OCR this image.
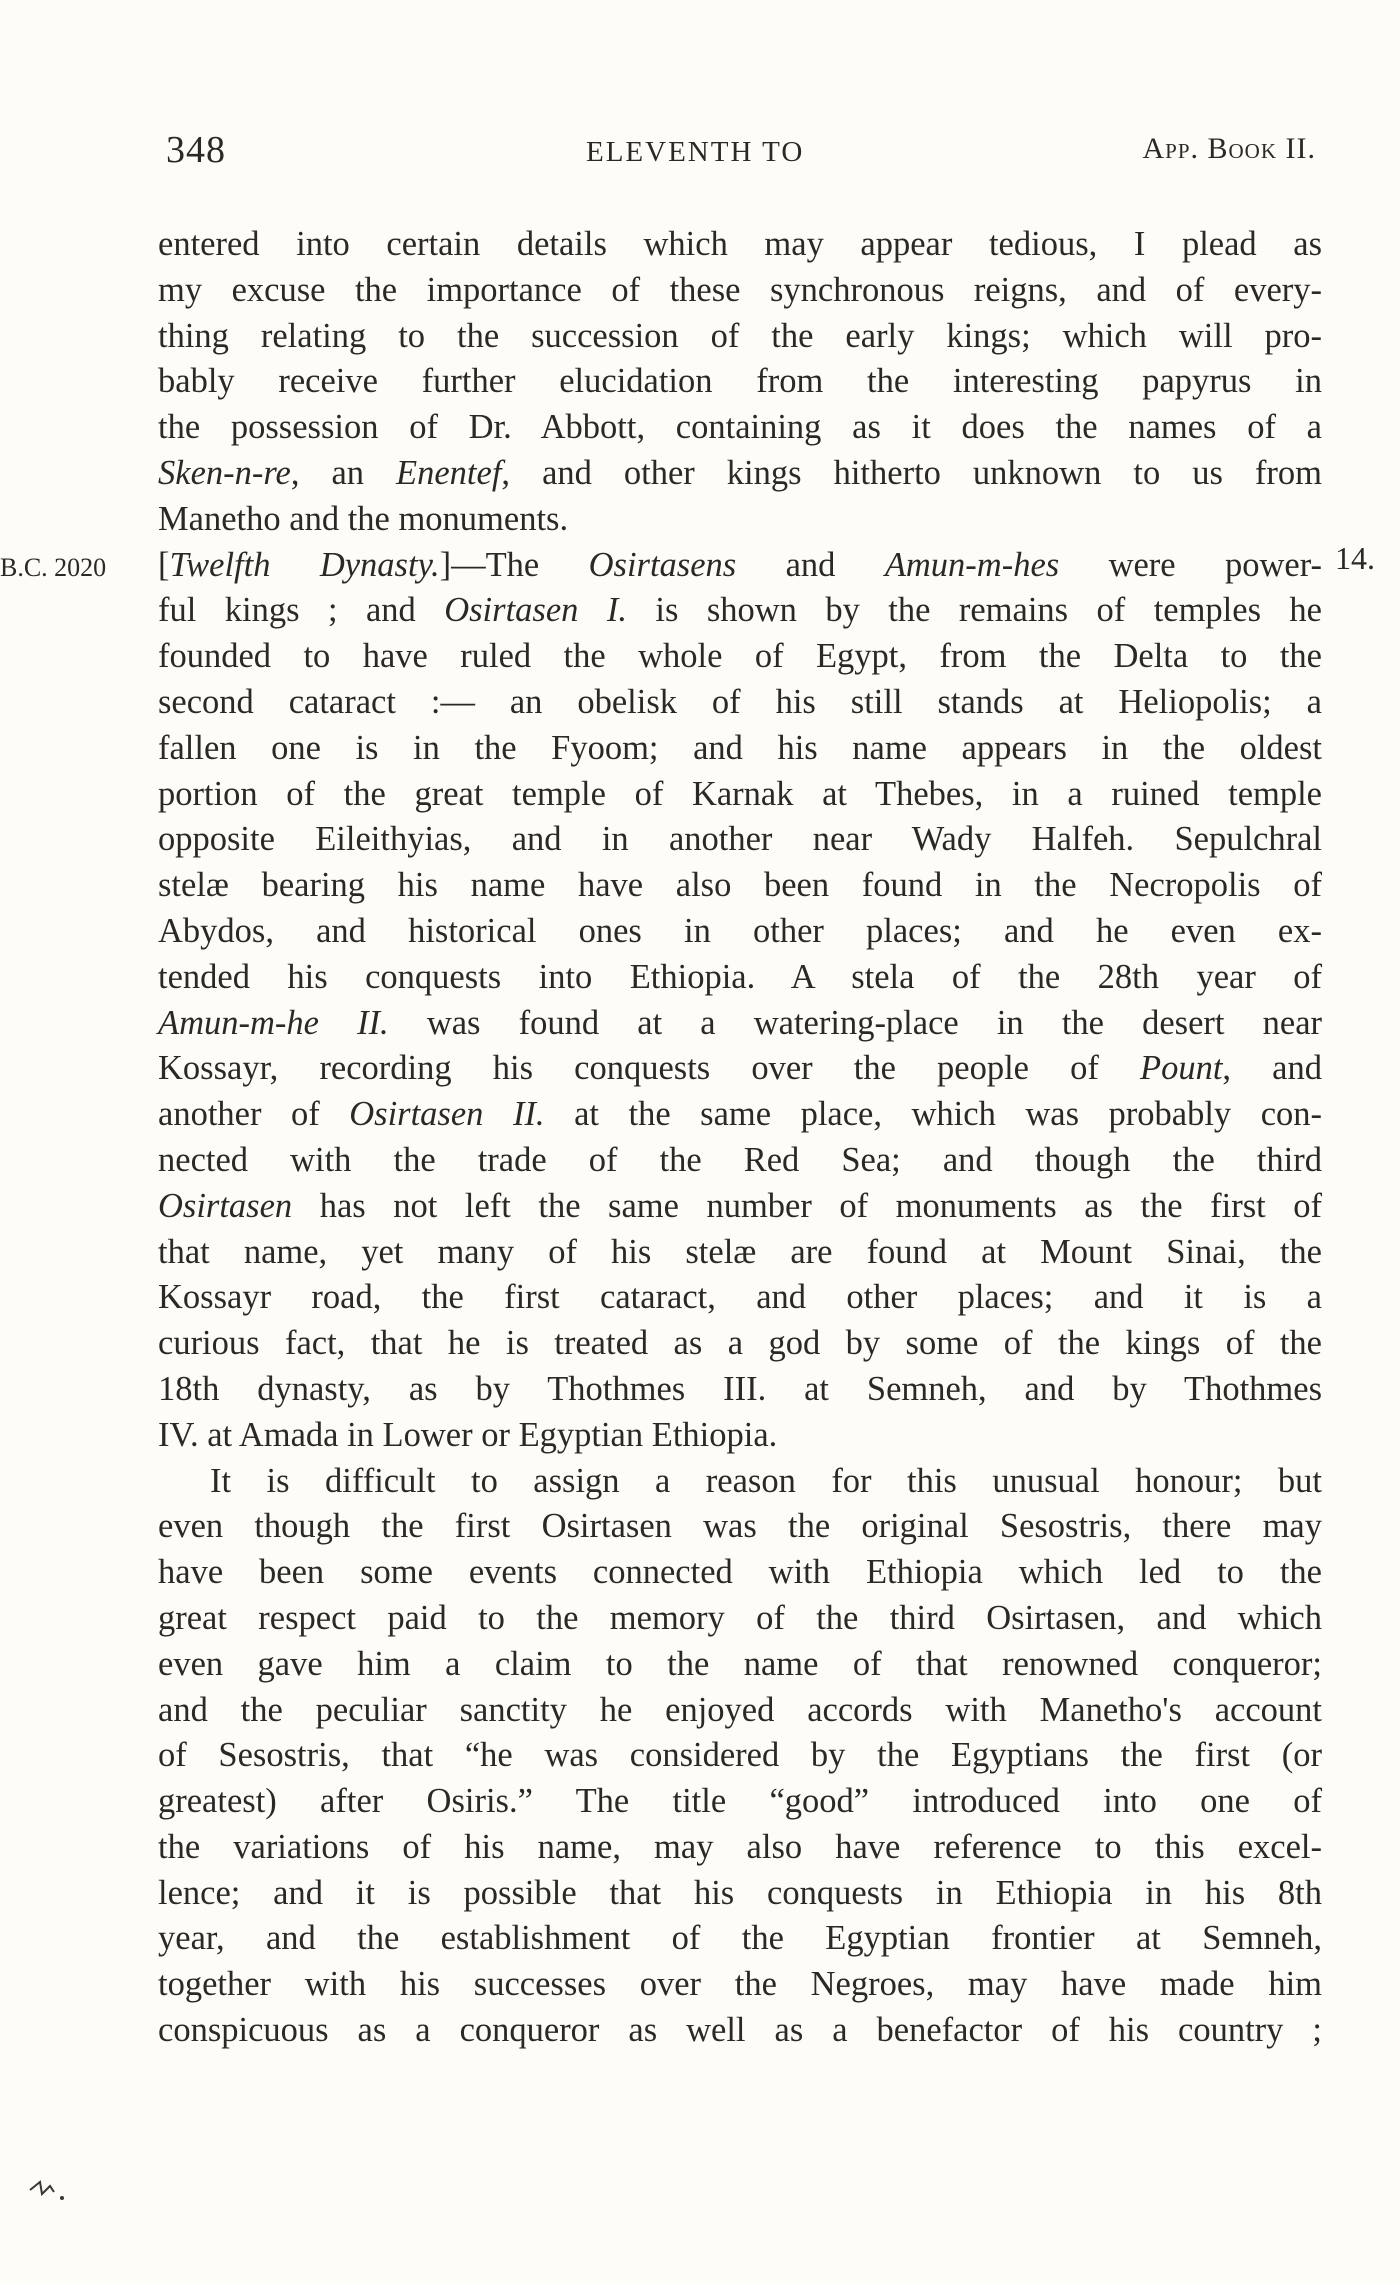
348	ELEVENTH TO	App. Book II.
B.C. 2020	14.
entered into certain details which may appear tedious, I plead as
my excuse the importance of these synchronous reigns, and of every-
thing relating to the succession of the early kings; which will pro-
bably receive further elucidation from the interesting papyrus in
the possession of Dr. Abbott, containing as it does the names of a
Sken-n-re, an Enentef, and other kings hitherto unknown to us from
Manetho and the monuments.
[Twelfth Dynasty.]—The Osirtasens and Amun-m-hes were power-
ful kings ; and Osirtasen I. is shown by the remains of temples he
founded to have ruled the whole of Egypt, from the Delta to the
second cataract :— an obelisk of his still stands at Heliopolis; a
fallen one is in the Fyoom; and his name appears in the oldest
portion of the great temple of Karnak at Thebes, in a ruined temple
opposite Eileithyias, and in another near Wady Halfeh. Sepulchral
stelæ bearing his name have also been found in the Necropolis of
Abydos, and historical ones in other places; and he even ex-
tended his conquests into Ethiopia. A stela of the 28th year of
Amun-m-he II. was found at a watering-place in the desert near
Kossayr, recording his conquests over the people of Pount, and
another of Osirtasen II. at the same place, which was probably con-
nected with the trade of the Red Sea; and though the third
Osirtasen has not left the same number of monuments as the first of
that name, yet many of his stelæ are found at Mount Sinai, the
Kossayr road, the first cataract, and other places; and it is a
curious fact, that he is treated as a god by some of the kings of the
18th dynasty, as by Thothmes III. at Semneh, and by Thothmes
IV. at Amada in Lower or Egyptian Ethiopia.
It is difficult to assign a reason for this unusual honour; but
even though the first Osirtasen was the original Sesostris, there may
have been some events connected with Ethiopia which led to the
great respect paid to the memory of the third Osirtasen, and which
even gave him a claim to the name of that renowned conqueror;
and the peculiar sanctity he enjoyed accords with Manetho's account
of Sesostris, that “he was considered by the Egyptians the first (or
greatest) after Osiris.” The title “good” introduced into one of
the variations of his name, may also have reference to this excel-
lence; and it is possible that his conquests in Ethiopia in his 8th
year, and the establishment of the Egyptian frontier at Semneh,
together with his successes over the Negroes, may have made him
conspicuous as a conqueror as well as a benefactor of his country ;
